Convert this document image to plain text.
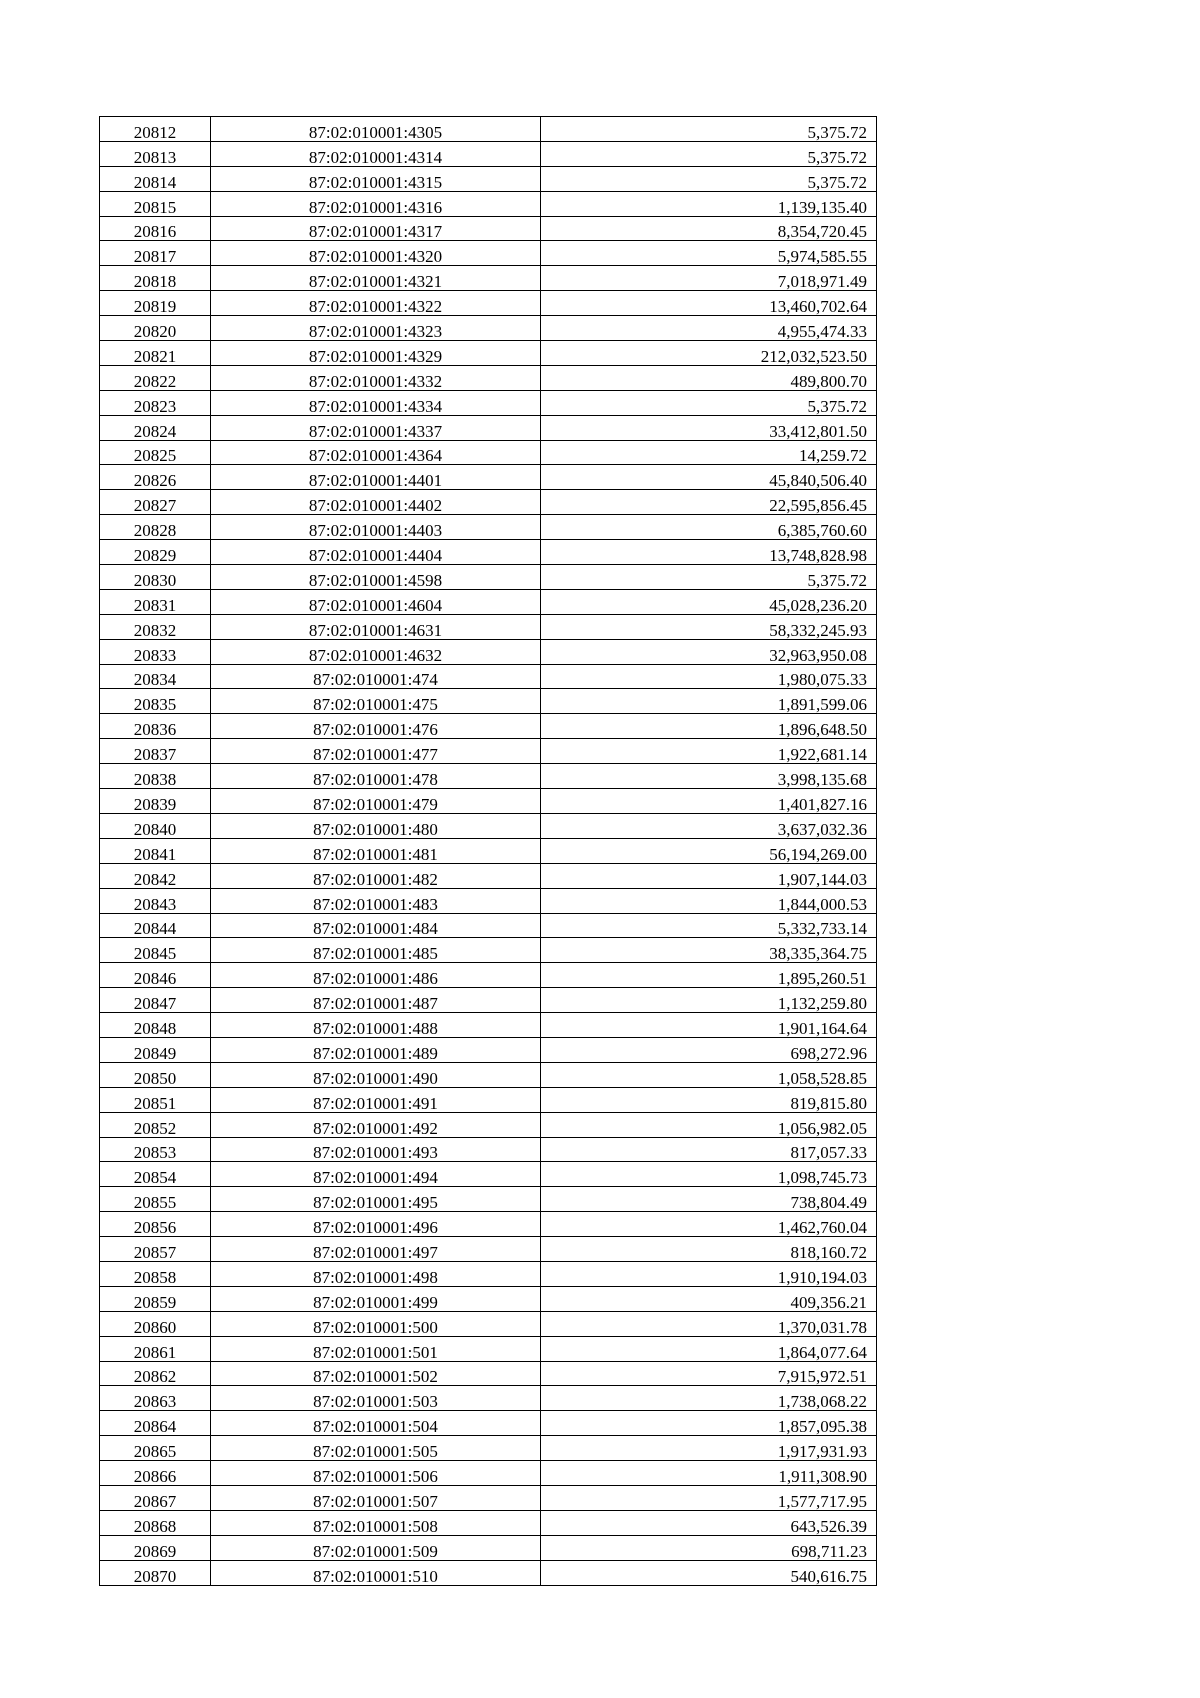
20812	87:02:010001:4305	5,375.72
20813	87:02:010001:4314	5,375.72
20814	87:02:010001:4315	5,375.72
20815	87:02:010001:4316	1,139,135.40
20816	87:02:010001:4317	8,354,720.45
20817	87:02:010001:4320	5,974,585.55
20818	87:02:010001:4321	7,018,971.49
20819	87:02:010001:4322	13,460,702.64
20820	87:02:010001:4323	4,955,474.33
20821	87:02:010001:4329	212,032,523.50
20822	87:02:010001:4332	489,800.70
20823	87:02:010001:4334	5,375.72
20824	87:02:010001:4337	33,412,801.50
20825	87:02:010001:4364	14,259.72
20826	87:02:010001:4401	45,840,506.40
20827	87:02:010001:4402	22,595,856.45
20828	87:02:010001:4403	6,385,760.60
20829	87:02:010001:4404	13,748,828.98
20830	87:02:010001:4598	5,375.72
20831	87:02:010001:4604	45,028,236.20
20832	87:02:010001:4631	58,332,245.93
20833	87:02:010001:4632	32,963,950.08
20834	87:02:010001:474	1,980,075.33
20835	87:02:010001:475	1,891,599.06
20836	87:02:010001:476	1,896,648.50
20837	87:02:010001:477	1,922,681.14
20838	87:02:010001:478	3,998,135.68
20839	87:02:010001:479	1,401,827.16
20840	87:02:010001:480	3,637,032.36
20841	87:02:010001:481	56,194,269.00
20842	87:02:010001:482	1,907,144.03
20843	87:02:010001:483	1,844,000.53
20844	87:02:010001:484	5,332,733.14
20845	87:02:010001:485	38,335,364.75
20846	87:02:010001:486	1,895,260.51
20847	87:02:010001:487	1,132,259.80
20848	87:02:010001:488	1,901,164.64
20849	87:02:010001:489	698,272.96
20850	87:02:010001:490	1,058,528.85
20851	87:02:010001:491	819,815.80
20852	87:02:010001:492	1,056,982.05
20853	87:02:010001:493	817,057.33
20854	87:02:010001:494	1,098,745.73
20855	87:02:010001:495	738,804.49
20856	87:02:010001:496	1,462,760.04
20857	87:02:010001:497	818,160.72
20858	87:02:010001:498	1,910,194.03
20859	87:02:010001:499	409,356.21
20860	87:02:010001:500	1,370,031.78
20861	87:02:010001:501	1,864,077.64
20862	87:02:010001:502	7,915,972.51
20863	87:02:010001:503	1,738,068.22
20864	87:02:010001:504	1,857,095.38
20865	87:02:010001:505	1,917,931.93
20866	87:02:010001:506	1,911,308.90
20867	87:02:010001:507	1,577,717.95
20868	87:02:010001:508	643,526.39
20869	87:02:010001:509	698,711.23
20870	87:02:010001:510	540,616.75
